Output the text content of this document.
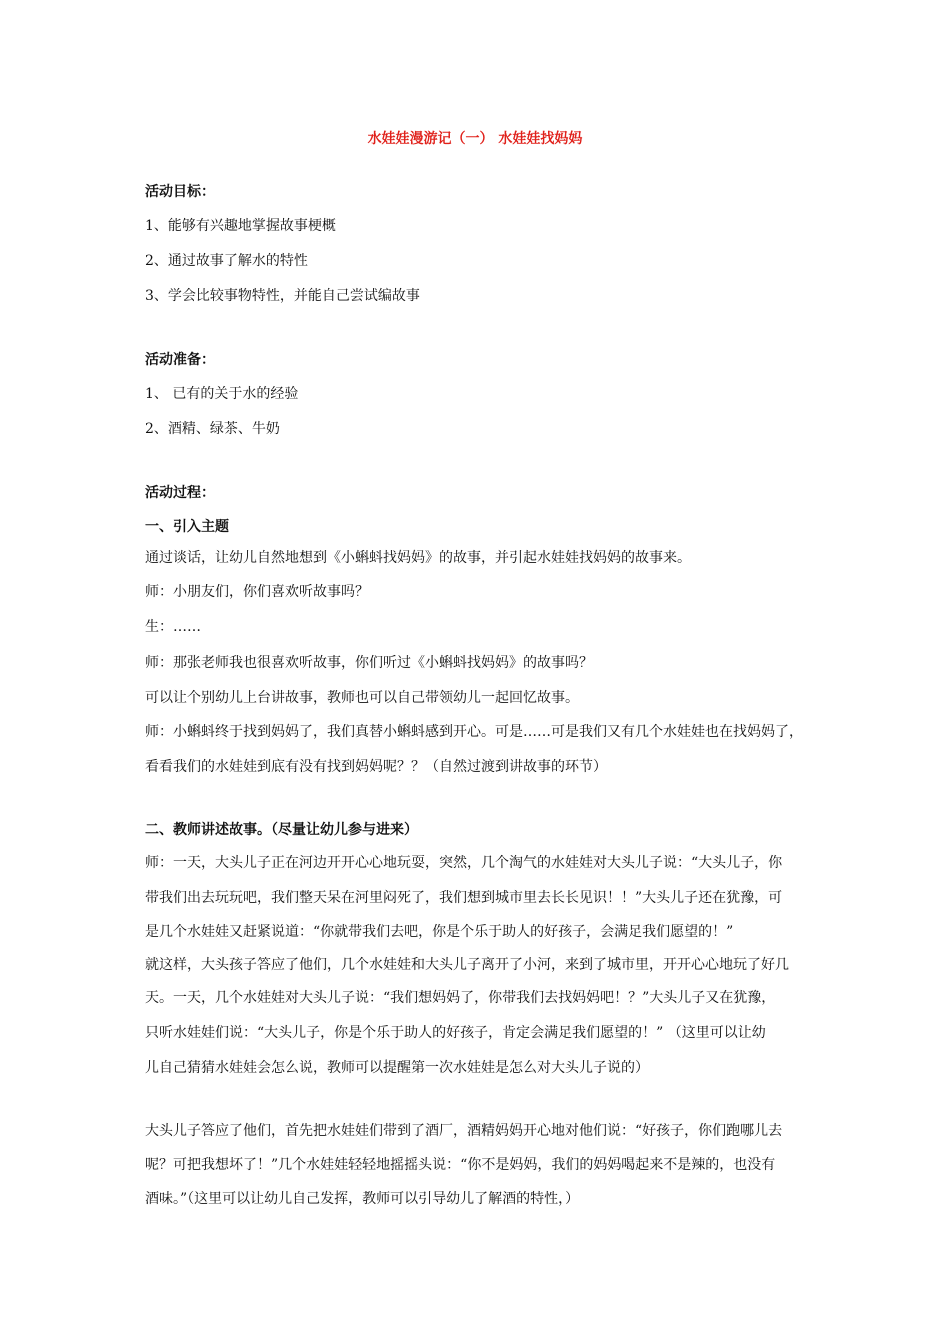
水娃娃漫游记（一） 水娃娃找妈妈
活动目标：
1、能够有兴趣地掌握故事梗概
2、通过故事了解水的特性
3、学会比较事物特性，并能自己尝试编故事
活动准备：
1、 已有的关于水的经验
2、酒精、绿茶、牛奶
活动过程：
一、引入主题
通过谈话，让幼儿自然地想到《小蝌蚪找妈妈》的故事，并引起水娃娃找妈妈的故事来。
师：小朋友们，你们喜欢听故事吗？
生：……
师：那张老师我也很喜欢听故事，你们听过《小蝌蚪找妈妈》的故事吗？
可以让个别幼儿上台讲故事，教师也可以自己带领幼儿一起回忆故事。
师：小蝌蚪终于找到妈妈了，我们真替小蝌蚪感到开心。可是……可是我们又有几个水娃娃也在找妈妈了，
看看我们的水娃娃到底有没有找到妈妈呢？？（自然过渡到讲故事的环节）
二、教师讲述故事。（尽量让幼儿参与进来）
师：一天，大头儿子正在河边开开心心地玩耍，突然，几个淘气的水娃娃对大头儿子说：“大头儿子，你
带我们出去玩玩吧，我们整天呆在河里闷死了，我们想到城市里去长长见识！！”大头儿子还在犹豫，可
是几个水娃娃又赶紧说道：“你就带我们去吧，你是个乐于助人的好孩子，会满足我们愿望的！”
就这样，大头孩子答应了他们，几个水娃娃和大头儿子离开了小河，来到了城市里，开开心心地玩了好几
天。一天，几个水娃娃对大头儿子说：“我们想妈妈了，你带我们去找妈妈吧！？”大头儿子又在犹豫，
只听水娃娃们说：“大头儿子，你是个乐于助人的好孩子，肯定会满足我们愿望的！” （这里可以让幼
儿自己猜猜水娃娃会怎么说，教师可以提醒第一次水娃娃是怎么对大头儿子说的）
大头儿子答应了他们，首先把水娃娃们带到了酒厂，酒精妈妈开心地对他们说：“好孩子，你们跑哪儿去
呢？可把我想坏了！”几个水娃娃轻轻地摇摇头说：“你不是妈妈，我们的妈妈喝起来不是辣的，也没有
酒味。”（这里可以让幼儿自己发挥，教师可以引导幼儿了解酒的特性，）
